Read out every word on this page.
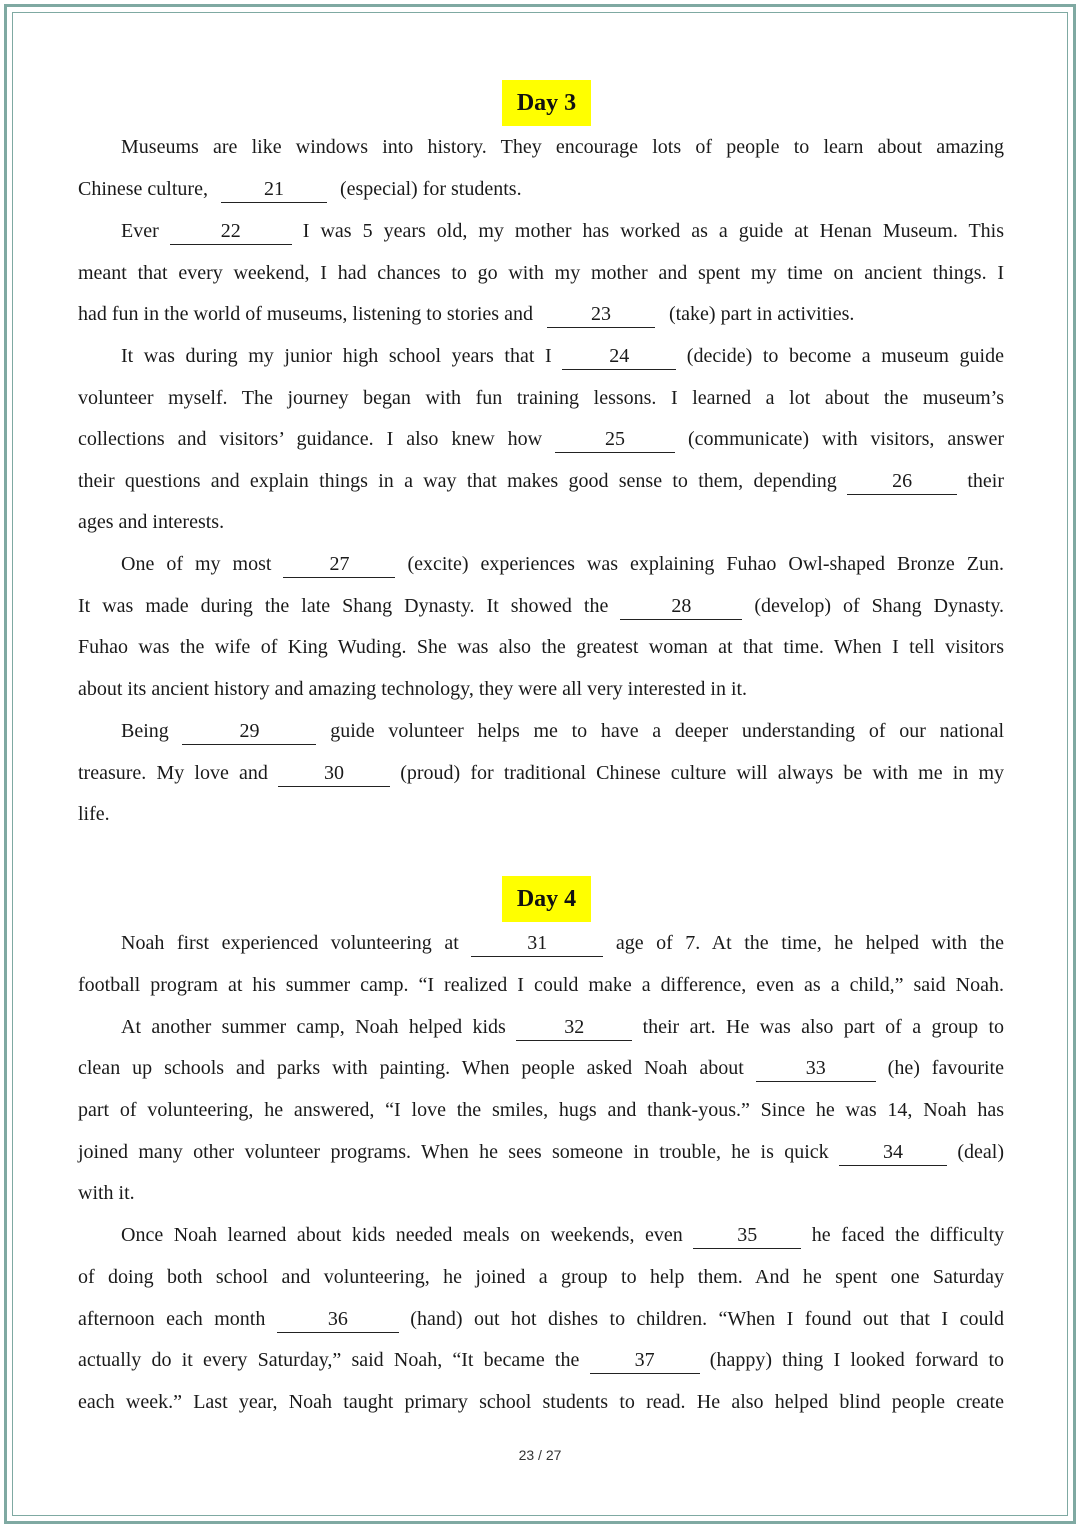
Day 3
Museums are like windows into history. They encourage lots of people to learn about amazing
Chinese culture,	21	(especial) for students.
Ever	22	I was 5 years old, my mother has worked as a guide at Henan Museum. This
meant that every weekend, I had chances to go with my mother and spent my time on ancient things. I
had fun in the world of museums, listening to stories and	23	(take) part in activities.
It was during my junior high school years that I	24	(decide) to become a museum guide
volunteer myself. The journey began with fun training lessons. I learned a lot about the museum’s
collections and visitors’ guidance. I also knew how	25	(communicate) with visitors, answer
their questions and explain things in a way that makes good sense to them, depending	26	their
ages and interests.
One of my most	27	(excite) experiences was explaining Fuhao Owl-shaped Bronze Zun.
It was made during the late Shang Dynasty. It showed the	28	(develop) of Shang Dynasty.
Fuhao was the wife of King Wuding. She was also the greatest woman at that time. When I tell visitors
about its ancient history and amazing technology, they were all very interested in it.
Being	29	guide volunteer helps me to have a deeper understanding of our national
treasure. My love and	30	(proud) for traditional Chinese culture will always be with me in my
life.
Day 4
Noah first experienced volunteering at	31	age of 7. At the time, he helped with the
football program at his summer camp. “I realized I could make a difference, even as a child,” said Noah.
At another summer camp, Noah helped kids	32	their art. He was also part of a group to
clean up schools and parks with painting. When people asked Noah about	33	(he) favourite
part of volunteering, he answered, “I love the smiles, hugs and thank-yous.” Since he was 14, Noah has
joined many other volunteer programs. When he sees someone in trouble, he is quick	34	(deal)
with it.
Once Noah learned about kids needed meals on weekends, even	35	he faced the difficulty
of doing both school and volunteering, he joined a group to help them. And he spent one Saturday
afternoon each month	36	(hand) out hot dishes to children. “When I found out that I could
actually do it every Saturday,” said Noah, “It became the	37	(happy) thing I looked forward to
each week.” Last year, Noah taught primary school students to read. He also helped blind people create
23 / 27
